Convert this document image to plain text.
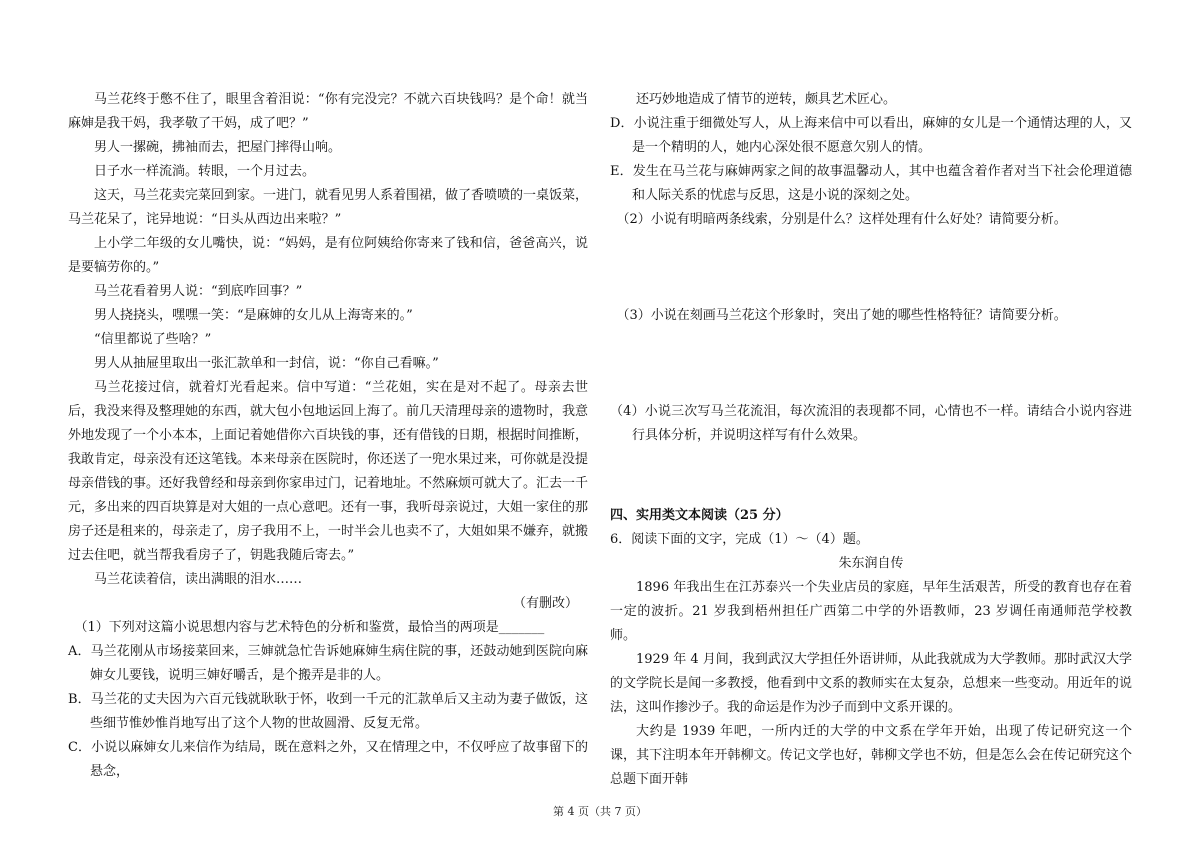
马兰花终于憋不住了，眼里含着泪说：“你有完没完？不就六百块钱吗？是个命！就当麻婶是我干妈，我孝敬了干妈，成了吧？”

男人一摞碗，拂袖而去，把屋门摔得山响。

日子水一样流淌。转眼，一个月过去。

这天，马兰花卖完菜回到家。一进门，就看见男人系着围裙，做了香喷喷的一桌饭菜，马兰花呆了，诧异地说：“日头从西边出来啦？”

上小学二年级的女儿嘴快，说：“妈妈，是有位阿姨给你寄来了钱和信，爸爸高兴，说是要犒劳你的。”

马兰花看着男人说：“到底咋回事？”

男人挠挠头，嘿嘿一笑：“是麻婶的女儿从上海寄来的。”

“信里都说了些啥？”

男人从抽屉里取出一张汇款单和一封信，说：“你自己看嘛。”

马兰花接过信，就着灯光看起来。信中写道：“兰花姐，实在是对不起了。母亲去世后，我没来得及整理她的东西，就大包小包地运回上海了。前几天清理母亲的遗物时，我意外地发现了一个小本本，上面记着她借你六百块钱的事，还有借钱的日期，根据时间推断，我敢肯定，母亲没有还这笔钱。本来母亲在医院时，你还送了一兜水果过来，可你就是没提母亲借钱的事。还好我曾经和母亲到你家串过门，记着地址。不然麻烦可就大了。汇去一千元，多出来的四百块算是对大姐的一点心意吧。还有一事，我听母亲说过，大姐一家住的那房子还是租来的，母亲走了，房子我用不上，一时半会儿也卖不了，大姐如果不嫌弃，就搬过去住吧，就当帮我看房子了，钥匙我随后寄去。”

马兰花读着信，读出满眼的泪水……

（有删改）

（1）下列对这篇小说思想内容与艺术特色的分析和鉴赏，最恰当的两项是_______

A．马兰花刚从市场接菜回来，三婶就急忙告诉她麻婶生病住院的事，还鼓动她到医院向麻婶女儿要钱，说明三婶好嚼舌，是个搬弄是非的人。

B．马兰花的丈夫因为六百元钱就耿耿于怀，收到一千元的汇款单后又主动为妻子做饭，这些细节惟妙惟肖地写出了这个人物的世故圆滑、反复无常。

C．小说以麻婶女儿来信作为结局，既在意料之外，又在情理之中，不仅呼应了故事留下的悬念，

还巧妙地造成了情节的逆转，颇具艺术匠心。

D．小说注重于细微处写人，从上海来信中可以看出，麻婶的女儿是一个通情达理的人，又是一个精明的人，她内心深处很不愿意欠别人的情。

E．发生在马兰花与麻婶两家之间的故事温馨动人，其中也蕴含着作者对当下社会伦理道德和人际关系的忧虑与反思，这是小说的深刻之处。

（2）小说有明暗两条线索，分别是什么？这样处理有什么好处？请简要分析。

（3）小说在刻画马兰花这个形象时，突出了她的哪些性格特征？请简要分析。

（4）小说三次写马兰花流泪，每次流泪的表现都不同，心情也不一样。请结合小说内容进行具体分析，并说明这样写有什么效果。

四、实用类文本阅读（25 分）

6．阅读下面的文字，完成（1）～（4）题。

朱东润自传

1896 年我出生在江苏泰兴一个失业店员的家庭，早年生活艰苦，所受的教育也存在着一定的波折。21 岁我到梧州担任广西第二中学的外语教师，23 岁调任南通师范学校教师。

1929 年 4 月间，我到武汉大学担任外语讲师，从此我就成为大学教师。那时武汉大学的文学院长是闻一多教授，他看到中文系的教师实在太复杂，总想来一些变动。用近年的说法，这叫作掺沙子。我的命运是作为沙子而到中文系开课的。

大约是 1939 年吧，一所内迁的大学的中文系在学年开始，出现了传记研究这一个课，其下注明本年开韩柳文。传记文学也好，韩柳文学也不妨，但是怎么会在传记研究这个总题下面开韩

第 4 页（共 7 页）
